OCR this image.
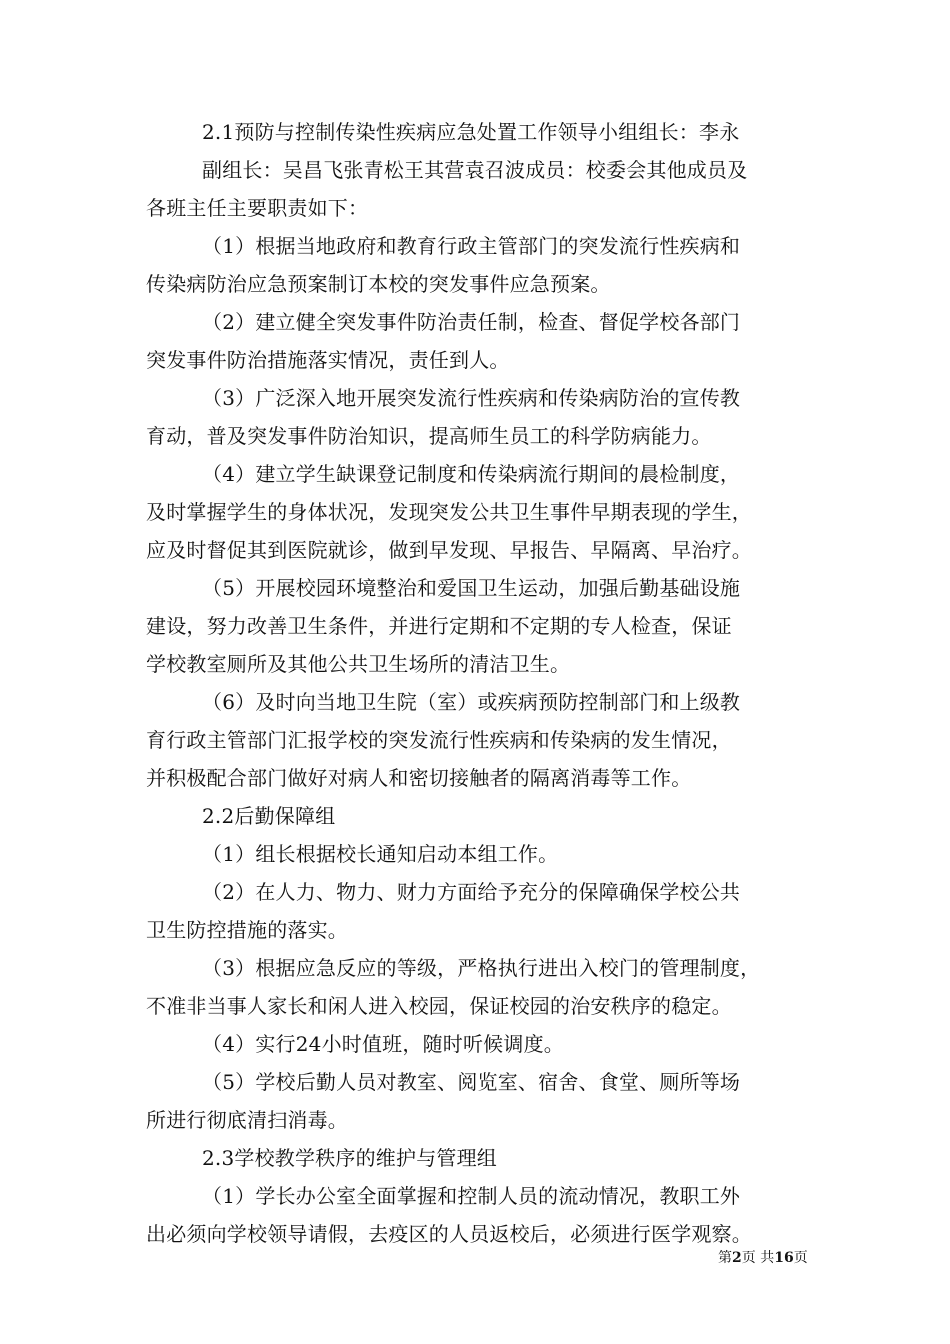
2.1预防与控制传染性疾病应急处置工作领导小组组长：李永
副组长：吴昌飞张青松王其营袁召波成员：校委会其他成员及
各班主任主要职责如下：
（1）根据当地政府和教育行政主管部门的突发流行性疾病和
传染病防治应急预案制订本校的突发事件应急预案。
（2）建立健全突发事件防治责任制，检查、督促学校各部门
突发事件防治措施落实情况，责任到人。
（3）广泛深入地开展突发流行性疾病和传染病防治的宣传教
育动，普及突发事件防治知识，提高师生员工的科学防病能力。
（4）建立学生缺课登记制度和传染病流行期间的晨检制度，
及时掌握学生的身体状况，发现突发公共卫生事件早期表现的学生，
应及时督促其到医院就诊，做到早发现、早报告、早隔离、早治疗。
（5）开展校园环境整治和爱国卫生运动，加强后勤基础设施
建设，努力改善卫生条件，并进行定期和不定期的专人检查，保证
学校教室厕所及其他公共卫生场所的清洁卫生。
（6）及时向当地卫生院（室）或疾病预防控制部门和上级教
育行政主管部门汇报学校的突发流行性疾病和传染病的发生情况，
并积极配合部门做好对病人和密切接触者的隔离消毒等工作。
2.2后勤保障组
（1）组长根据校长通知启动本组工作。
（2）在人力、物力、财力方面给予充分的保障确保学校公共
卫生防控措施的落实。
（3）根据应急反应的等级，严格执行进出入校门的管理制度，
不准非当事人家长和闲人进入校园，保证校园的治安秩序的稳定。
（4）实行24小时值班，随时听候调度。
（5）学校后勤人员对教室、阅览室、宿舍、食堂、厕所等场
所进行彻底清扫消毒。
2.3学校教学秩序的维护与管理组
（1）学长办公室全面掌握和控制人员的流动情况，教职工外
出必须向学校领导请假，去疫区的人员返校后，必须进行医学观察。
第2页 共16页
